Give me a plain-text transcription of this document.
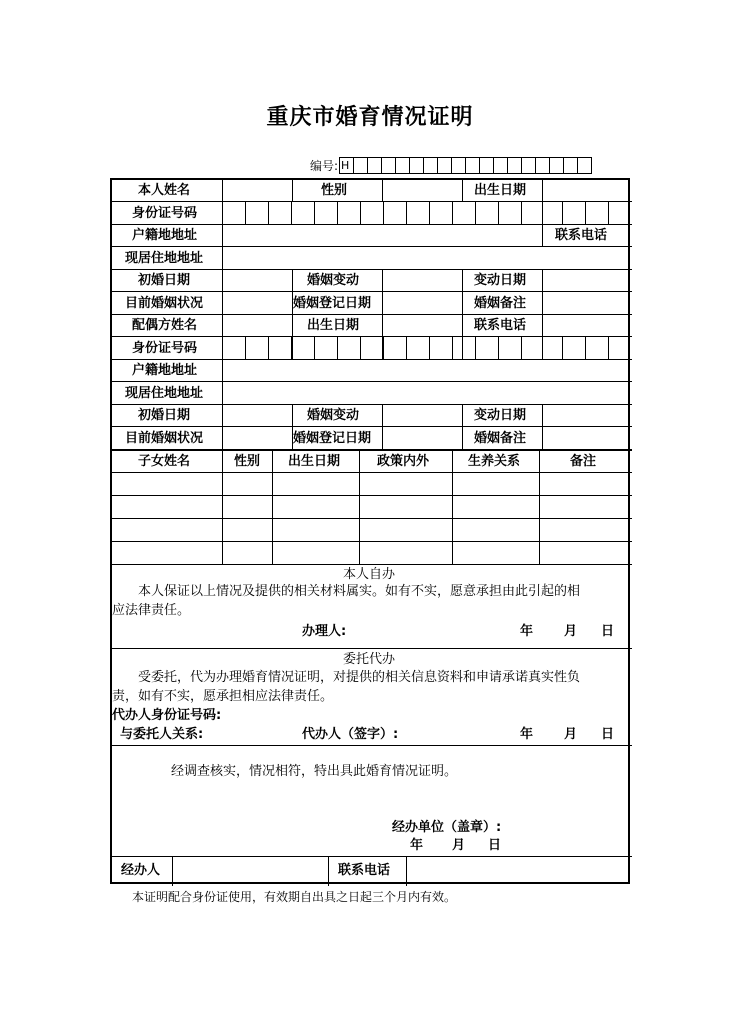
重庆市婚育情况证明
编号: H
本人姓名	性别	出生日期
身份证号码
户籍地地址	联系电话
现居住地地址
初婚日期	婚姻变动	变动日期
目前婚姻状况	婚姻登记日期	婚姻备注
配偶方姓名	出生日期	联系电话
身份证号码
户籍地地址
现居住地地址
初婚日期	婚姻变动	变动日期
目前婚姻状况	婚姻登记日期	婚姻备注
子女姓名	性别 出生日期	政策内外	生养关系	备注
本人自办
本人保证以上情况及提供的相关材料属实。如有不实，愿意承担由此引起的相
应法律责任。
办理人:	年 月 日
委托代办
受委托，代为办理婚育情况证明，对提供的相关信息资料和申请承诺真实性负
责，如有不实，愿承担相应法律责任。
代办人身份证号码:
与委托人关系:	代办人（签字）:	年 月 日
经调查核实，情况相符，特出具此婚育情况证明。
经办单位（盖章）:
年 月 日
经办人	联系电话
本证明配合身份证使用，有效期自出具之日起三个月内有效。
